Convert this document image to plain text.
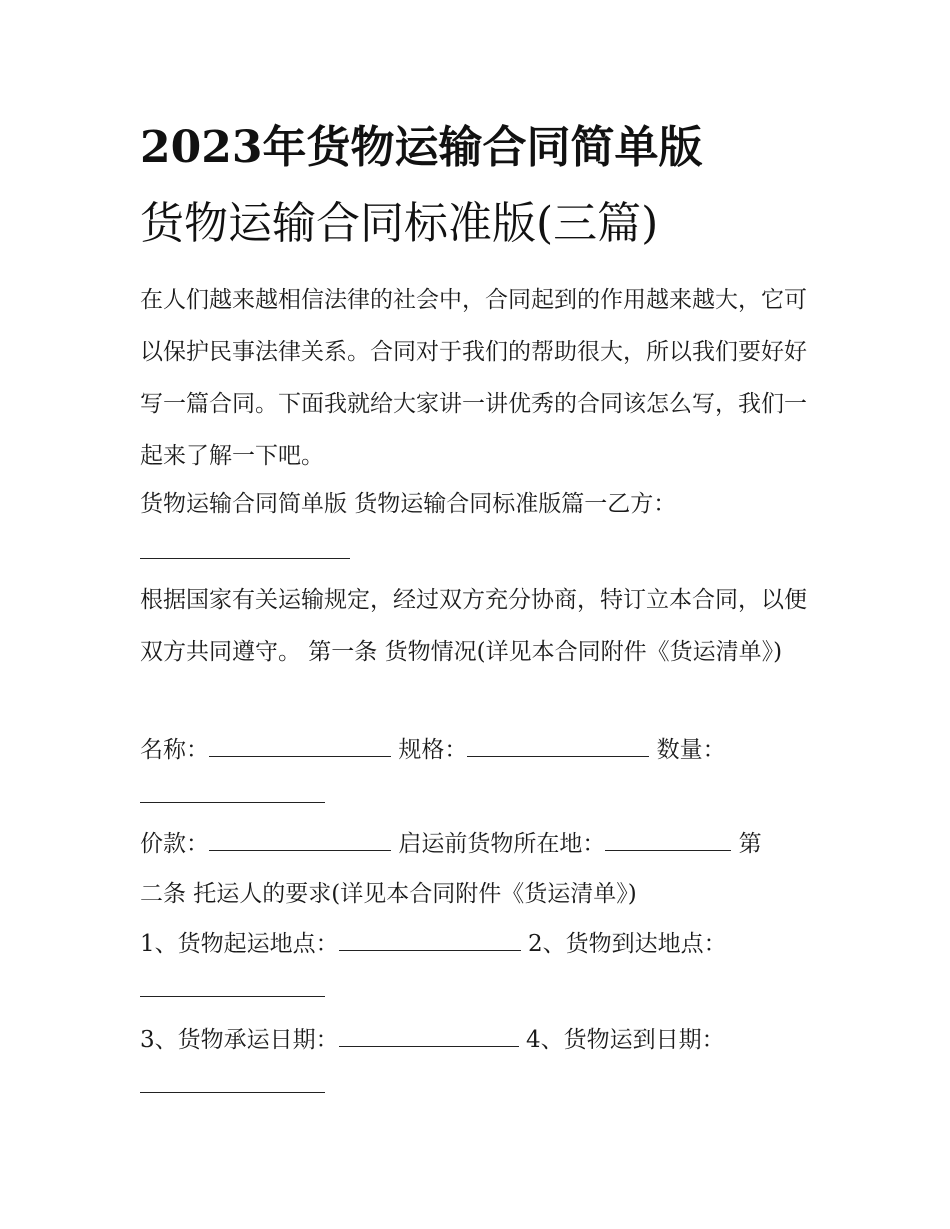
2023年货物运输合同简单版
货物运输合同标准版(三篇)

在人们越来越相信法律的社会中，合同起到的作用越来越大，它可以保护民事法律关系。合同对于我们的帮助很大，所以我们要好好写一篇合同。下面我就给大家讲一讲优秀的合同该怎么写，我们一起来了解一下吧。

货物运输合同简单版 货物运输合同标准版篇一乙方：

根据国家有关运输规定，经过双方充分协商，特订立本合同，以便双方共同遵守。 第一条 货物情况(详见本合同附件《货运清单》)

名称：	规格：	数量：
价款：	启运前货物所在地：	第

二条 托运人的要求(详见本合同附件《货运清单》)

1、货物起运地点：	2、货物到达地点：
3、货物承运日期：	4、货物运到日期：
